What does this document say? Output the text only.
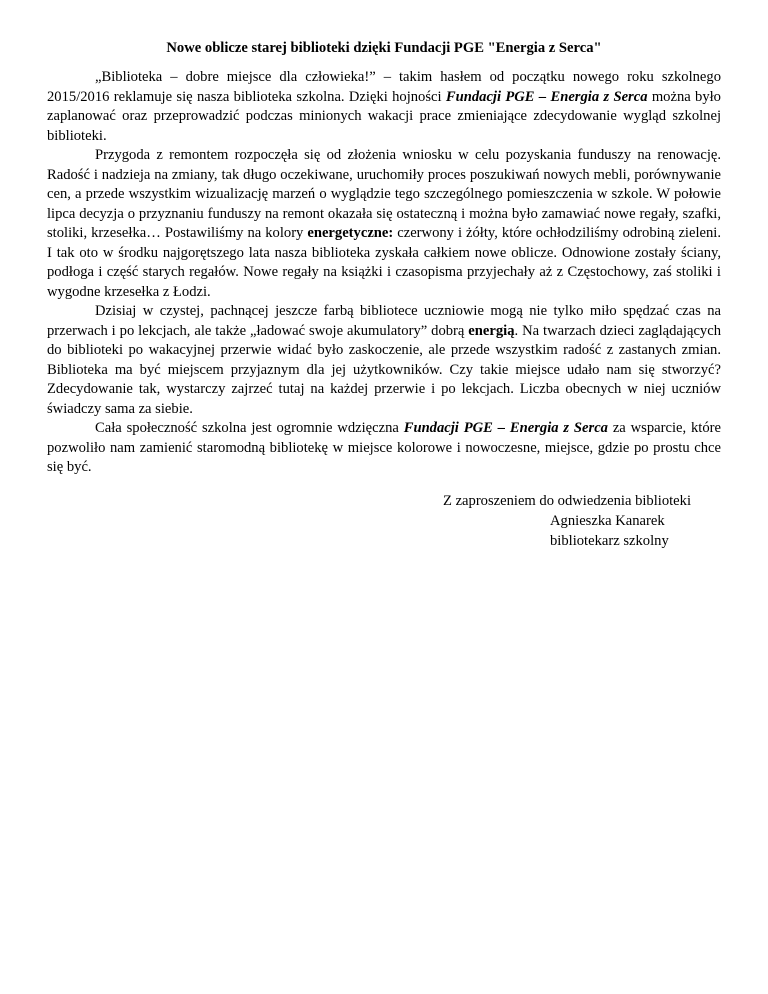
Nowe oblicze starej biblioteki dzięki Fundacji PGE "Energia z Serca"

„Biblioteka – dobre miejsce dla człowieka!” – takim hasłem od początku nowego roku szkolnego 2015/2016 reklamuje się nasza biblioteka szkolna. Dzięki hojności Fundacji PGE – Energia z Serca można było zaplanować oraz przeprowadzić podczas minionych wakacji prace zmieniające zdecydowanie wygląd szkolnej biblioteki.

Przygoda z remontem rozpoczęła się od złożenia wniosku w celu pozyskania funduszy na renowację. Radość i nadzieja na zmiany, tak długo oczekiwane, uruchomiły proces poszukiwań nowych mebli, porównywanie cen, a przede wszystkim wizualizację marzeń o wyglądzie tego szczególnego pomieszczenia w szkole. W połowie lipca decyzja o przyznaniu funduszy na remont okazała się ostateczną i można było zamawiać nowe regały, szafki, stoliki, krzesełka… Postawiliśmy na kolory energetyczne: czerwony i żółty, które ochłodziliśmy odrobiną zieleni. I tak oto w środku najgorętszego lata nasza biblioteka zyskała całkiem nowe oblicze. Odnowione zostały ściany, podłoga i część starych regałów. Nowe regały na książki i czasopisma przyjechały aż z Częstochowy, zaś stoliki i wygodne krzesełka z Łodzi.

Dzisiaj w czystej, pachnącej jeszcze farbą bibliotece uczniowie mogą nie tylko miło spędzać czas na przerwach i po lekcjach, ale także „ładować swoje akumulatory” dobrą energią. Na twarzach dzieci zaglądających do biblioteki po wakacyjnej przerwie widać było zaskoczenie, ale przede wszystkim radość z zastanych zmian. Biblioteka ma być miejscem przyjaznym dla jej użytkowników. Czy takie miejsce udało nam się stworzyć? Zdecydowanie tak, wystarczy zajrzeć tutaj na każdej przerwie i po lekcjach. Liczba obecnych w niej uczniów świadczy sama za siebie.

Cała społeczność szkolna jest ogromnie wdzięczna Fundacji PGE – Energia z Serca za wsparcie, które pozwoliło nam zamienić staromodną bibliotekę w miejsce kolorowe i nowoczesne, miejsce, gdzie po prostu chce się być.

Z zaproszeniem do odwiedzenia biblioteki
Agnieszka Kanarek
bibliotekarz szkolny
